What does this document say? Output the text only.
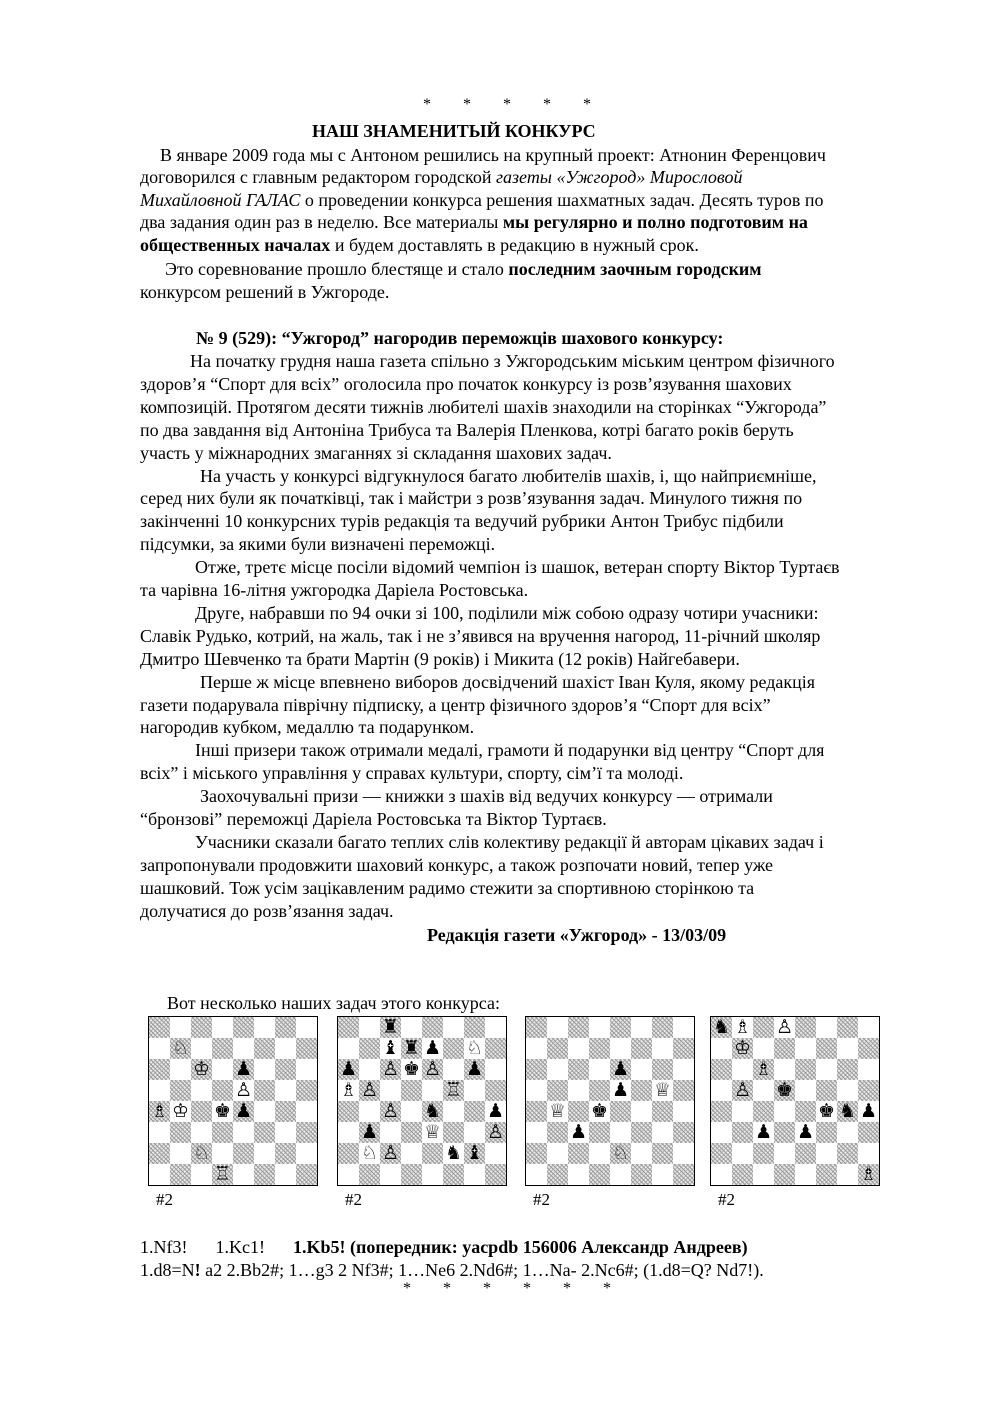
* * * * *
НАШ ЗНАМЕНИТЫЙ КОНКУРС
В январе 2009 года мы с Антоном решились на крупный проект: Атнонин Ференцович
договорился с главным редактором городской газеты «Ужгород» Мирословой
Михайловной ГАЛАС о проведении конкурса решения шахматных задач. Десять туров по
два задания один раз в неделю. Все материалы мы регулярно и полно подготовим на
общественных началах и будем доставлять в редакцию в нужный срок.
Это соревнование прошло блестяще и стало последним заочным городским
конкурсом решений в Ужгороде.
№ 9 (529): “Ужгород” нагородив переможців шахового конкурсу:
На початку грудня наша газета спільно з Ужгородським міським центром фізичного
здоров’я “Спорт для всіх” оголосила про початок конкурсу із розв’язування шахових
композицій. Протягом десяти тижнів любителі шахів знаходили на сторінках “Ужгорода”
по два завдання від Антоніна Трибуса та Валерія Пленкова, котрі багато років беруть
участь у міжнародних змаганнях зі складання шахових задач.
На участь у конкурсі відгукнулося багато любителів шахів, і, що найприємніше,
серед них були як початківці, так і майстри з розв’язування задач. Минулого тижня по
закінченні 10 конкурсних турів редакція та ведучий рубрики Антон Трибус підбили
підсумки, за якими були визначені переможці.
Отже, третє місце посіли відомий чемпіон із шашок, ветеран спорту Віктор Туртаєв
та чарівна 16-літня ужгородка Даріела Ростовська.
Друге, набравши по 94 очки зі 100, поділили між собою одразу чотири учасники:
Славік Рудько, котрий, на жаль, так і не з’явився на вручення нагород, 11-річний школяр
Дмитро Шевченко та брати Мартін (9 років) і Микита (12 років) Найгебавери.
Перше ж місце впевнено виборов досвідчений шахіст Іван Куля, якому редакція
газети подарувала піврічну підписку, а центр фізичного здоров’я “Спорт для всіх”
нагородив кубком, медаллю та подарунком.
Інші призери також отримали медалі, грамоти й подарунки від центру “Спорт для
всіх” і міського управління у справах культури, спорту, сім’ї та молоді.
Заохочувальні призи — книжки з шахів від ведучих конкурсу — отримали
“бронзові” переможці Даріела Ростовська та Віктор Туртаєв.
Учасники сказали багато теплих слів колективу редакції й авторам цікавих задач і
запропонували продовжити шаховий конкурс, а також розпочати новий, тепер уже
шашковий. Тож усім зацікавленим радимо стежити за спортивною сторінкою та
долучатися до розв’язання задач.
Редакція газети «Ужгород» - 13/03/09
Вот несколько наших задач этого конкурса:
♘
♔ ♟
♙
♗ ♔ ♚ ♟
♘
♖
#2
♜
♝ ♜ ♟ ♘
♟ ♙ ♚ ♙ ♟
♗ ♙	♖
♙ ♞ ♟
♟ ♕ ♙
♘ ♙ ♞ ♝
#2
♟
♟ ♕
♕ ♚
♟
♘
#2
♞ ♗ ♙
♔
♗
♙ ♚
♚ ♞ ♟
♟ ♟
♗
#2
1.Nf3! 1.Kc1! 1.Kb5! (попередник: yacpdb 156006 Александр Андреев)
1.d8=N! a2 2.Bb2#; 1…g3 2 Nf3#; 1…Ne6 2.Nd6#; 1…Na- 2.Nc6#; (1.d8=Q? Nd7!).
* * * * * *
